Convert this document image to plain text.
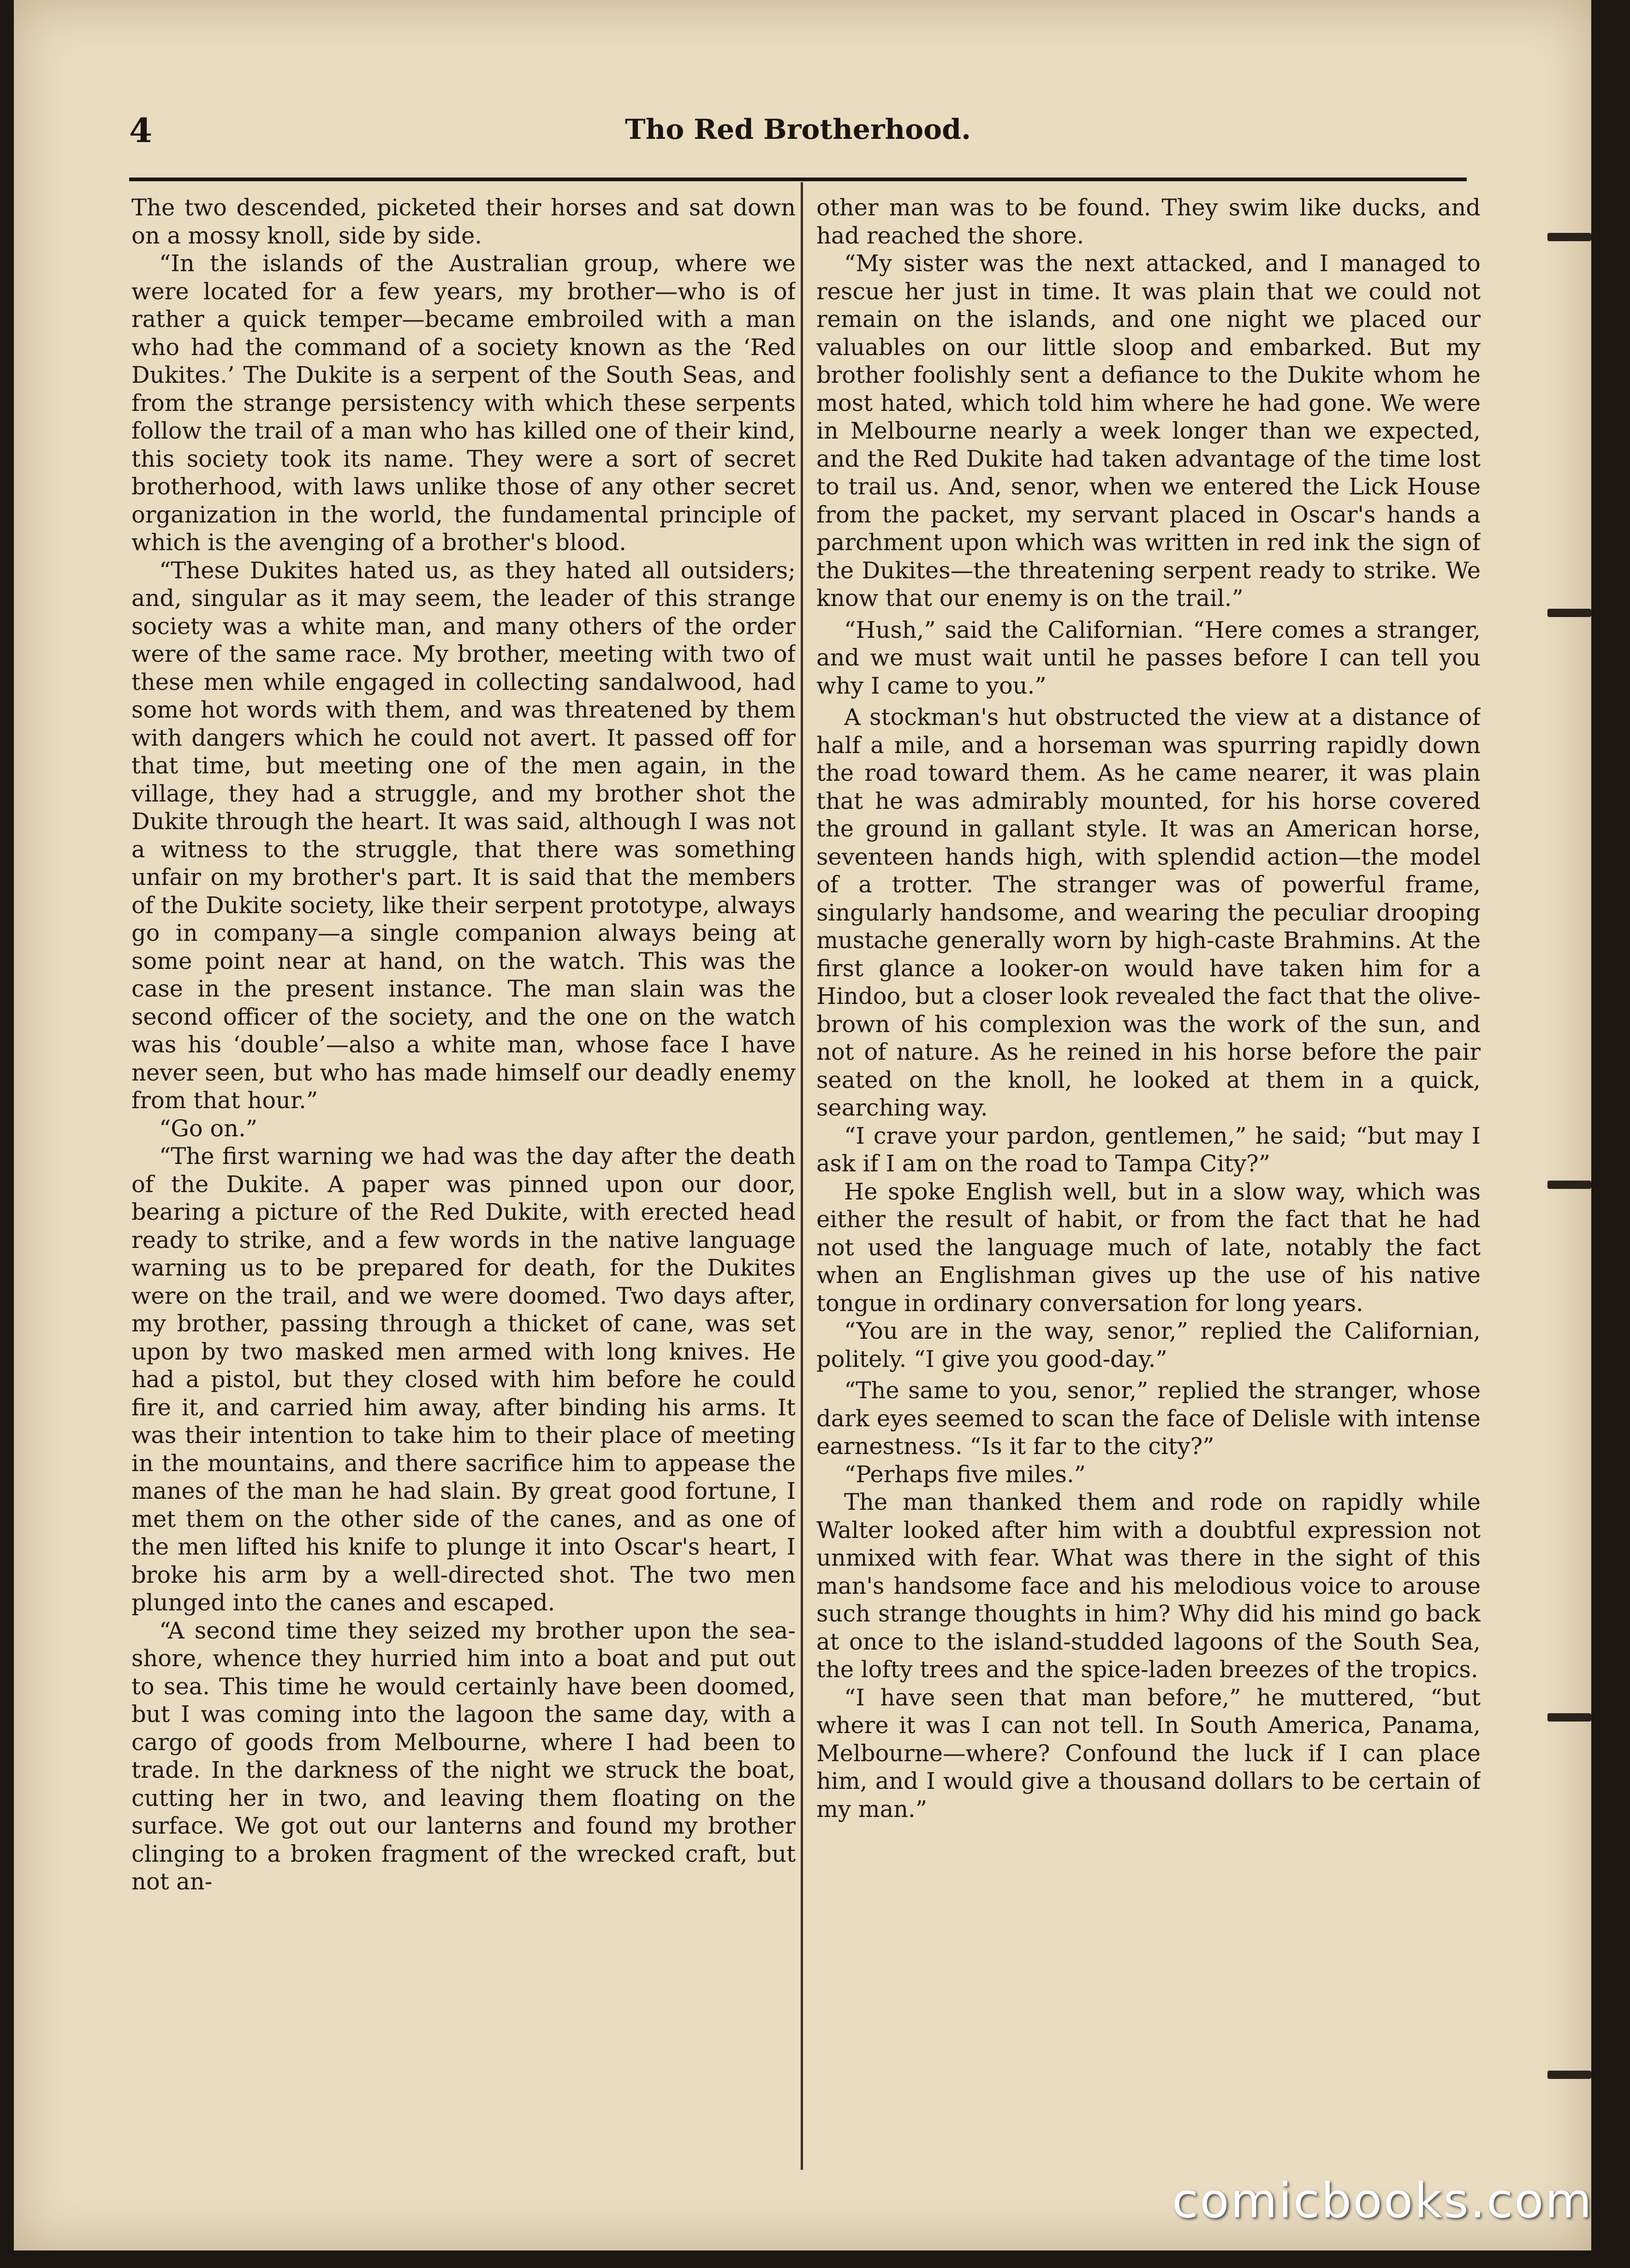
4	Tho Red Brotherhood.

The two descended, picketed their horses and sat down on a mossy knoll, side by side.

“In the islands of the Australian group, where we were located for a few years, my brother—who is of rather a quick temper—became embroiled with a man who had the command of a society known as the ‘Red Dukites.’ The Dukite is a serpent of the South Seas, and from the strange persistency with which these serpents follow the trail of a man who has killed one of their kind, this society took its name. They were a sort of secret brotherhood, with laws unlike those of any other secret organization in the world, the fundamental principle of which is the avenging of a brother's blood.

“These Dukites hated us, as they hated all outsiders; and, singular as it may seem, the leader of this strange society was a white man, and many others of the order were of the same race. My brother, meeting with two of these men while engaged in collecting sandalwood, had some hot words with them, and was threatened by them with dangers which he could not avert. It passed off for that time, but meeting one of the men again, in the village, they had a struggle, and my brother shot the Dukite through the heart. It was said, although I was not a witness to the struggle, that there was something unfair on my brother's part. It is said that the members of the Dukite society, like their serpent prototype, always go in company—a single companion always being at some point near at hand, on the watch. This was the case in the present instance. The man slain was the second officer of the society, and the one on the watch was his ‘double’—also a white man, whose face I have never seen, but who has made himself our deadly enemy from that hour.”

“Go on.”

“The first warning we had was the day after the death of the Dukite. A paper was pinned upon our door, bearing a picture of the Red Dukite, with erected head ready to strike, and a few words in the native language warning us to be prepared for death, for the Dukites were on the trail, and we were doomed. Two days after, my brother, passing through a thicket of cane, was set upon by two masked men armed with long knives. He had a pistol, but they closed with him before he could fire it, and carried him away, after binding his arms. It was their intention to take him to their place of meeting in the mountains, and there sacrifice him to appease the manes of the man he had slain. By great good fortune, I met them on the other side of the canes, and as one of the men lifted his knife to plunge it into Oscar's heart, I broke his arm by a well-directed shot. The two men plunged into the canes and escaped.

“A second time they seized my brother upon the sea-shore, whence they hurried him into a boat and put out to sea. This time he would certainly have been doomed, but I was coming into the lagoon the same day, with a cargo of goods from Melbourne, where I had been to trade. In the darkness of the night we struck the boat, cutting her in two, and leaving them floating on the surface. We got out our lanterns and found my brother clinging to a broken fragment of the wrecked craft, but not an-

other man was to be found. They swim like ducks, and had reached the shore.

“My sister was the next attacked, and I managed to rescue her just in time. It was plain that we could not remain on the islands, and one night we placed our valuables on our little sloop and embarked. But my brother foolishly sent a defiance to the Dukite whom he most hated, which told him where he had gone. We were in Melbourne nearly a week longer than we expected, and the Red Dukite had taken advantage of the time lost to trail us. And, senor, when we entered the Lick House from the packet, my servant placed in Oscar's hands a parchment upon which was written in red ink the sign of the Dukites—the threatening serpent ready to strike. We know that our enemy is on the trail.”

“Hush,” said the Californian. “Here comes a stranger, and we must wait until he passes before I can tell you why I came to you.”

A stockman's hut obstructed the view at a distance of half a mile, and a horseman was spurring rapidly down the road toward them. As he came nearer, it was plain that he was admirably mounted, for his horse covered the ground in gallant style. It was an American horse, seventeen hands high, with splendid action—the model of a trotter. The stranger was of powerful frame, singularly handsome, and wearing the peculiar drooping mustache generally worn by high-caste Brahmins. At the first glance a looker-on would have taken him for a Hindoo, but a closer look revealed the fact that the olive-brown of his complexion was the work of the sun, and not of nature. As he reined in his horse before the pair seated on the knoll, he looked at them in a quick, searching way.

“I crave your pardon, gentlemen,” he said; “but may I ask if I am on the road to Tampa City?”

He spoke English well, but in a slow way, which was either the result of habit, or from the fact that he had not used the language much of late, notably the fact when an Englishman gives up the use of his native tongue in ordinary conversation for long years.

“You are in the way, senor,” replied the Californian, politely. “I give you good-day.”

“The same to you, senor,” replied the stranger, whose dark eyes seemed to scan the face of Delisle with intense earnestness. “Is it far to the city?”

“Perhaps five miles.”

The man thanked them and rode on rapidly while Walter looked after him with a doubtful expression not unmixed with fear. What was there in the sight of this man's handsome face and his melodious voice to arouse such strange thoughts in him? Why did his mind go back at once to the island-studded lagoons of the South Sea, the lofty trees and the spice-laden breezes of the tropics.

“I have seen that man before,” he muttered, “but where it was I can not tell. In South America, Panama, Melbourne—where? Confound the luck if I can place him, and I would give a thousand dollars to be certain of my man.”

comicbooks.com
